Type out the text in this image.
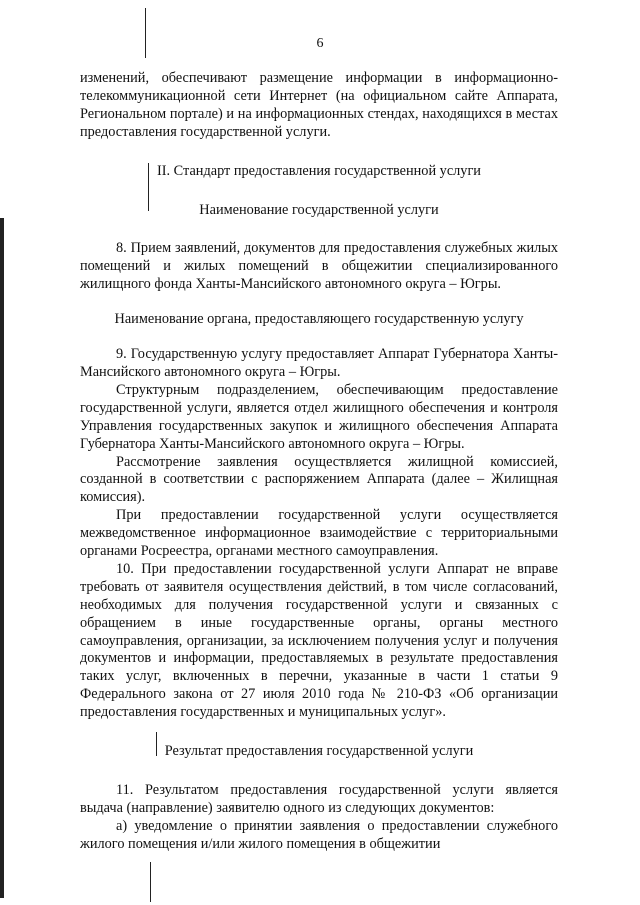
6

изменений, обеспечивают размещение информации в информационно-телекоммуникационной сети Интернет (на официальном сайте Аппарата, Региональном портале) и на информационных стендах, находящихся в местах предоставления государственной услуги.

II. Стандарт предоставления государственной услуги
Наименование государственной услуги

8. Прием заявлений, документов для предоставления служебных жилых помещений и жилых помещений в общежитии специализированного жилищного фонда Ханты-Мансийского автономного округа – Югры.

Наименование органа, предоставляющего государственную услугу

9. Государственную услугу предоставляет Аппарат Губернатора Ханты-Мансийского автономного округа – Югры.

Структурным подразделением, обеспечивающим предоставление государственной услуги, является отдел жилищного обеспечения и контроля Управления государственных закупок и жилищного обеспечения Аппарата Губернатора Ханты-Мансийского автономного округа – Югры.

Рассмотрение заявления осуществляется жилищной комиссией, созданной в соответствии с распоряжением Аппарата (далее – Жилищная комиссия).

При предоставлении государственной услуги осуществляется межведомственное информационное взаимодействие с территориальными органами Росреестра, органами местного самоуправления.

10. При предоставлении государственной услуги Аппарат не вправе требовать от заявителя осуществления действий, в том числе согласований, необходимых для получения государственной услуги и связанных с обращением в иные государственные органы, органы местного самоуправления, организации, за исключением получения услуг и получения документов и информации, предоставляемых в результате предоставления таких услуг, включенных в перечни, указанные в части 1 статьи 9 Федерального закона от 27 июля 2010 года № 210-ФЗ «Об организации предоставления государственных и муниципальных услуг».

Результат предоставления государственной услуги

11. Результатом предоставления государственной услуги является выдача (направление) заявителю одного из следующих документов:

а) уведомление о принятии заявления о предоставлении служебного жилого помещения и/или жилого помещения в общежитии
